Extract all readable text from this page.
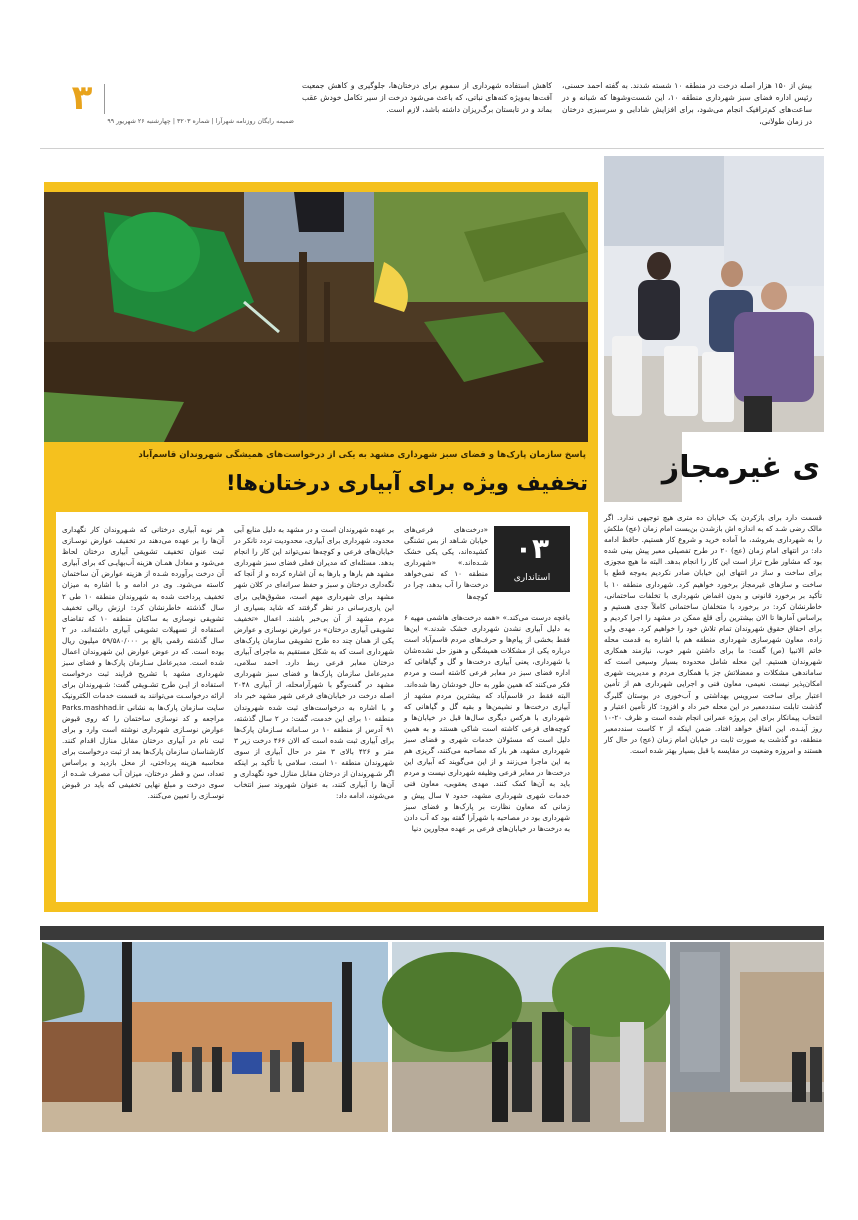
۳
ضمیمه رایگان روزنامه شهرآرا | شماره ۳۲۰۳ | چهارشنبه ۲۶ شهریور ۹۹
کاهش استفاده شهرداری از سموم برای درختان‌ها، جلوگیری و کاهش جمعیت آفت‌ها به‌ویژه کنه‌های نباتی، که باعث می‌شود درخت از سیر تکامل خودش عقب بماند و در تابستان برگ‌ریزان داشته باشد، لازم است.
بیش از ۱۵۰ هزار اصله درخت در منطقه ۱۰ شسته شدند. به گفته احمد حسنی، رئیس اداره فضای سبز شهرداری منطقه ۱۰، این شست‌وشوها که شبانه و در ساعت‌های کم‌ترافیک انجام می‌شود، برای افزایش شادابی و سرسبزی درختان در زمان طولانی،
ی غیرمجاز
پاسخ سازمان پارک‌ها و فضای سبز شهرداری مشهد به یکی از درخواست‌های همیشگی شهروندان قاسم‌آباد
تخفیف ویژه برای آبیاری درختان‌ها!
۰۳
استانداری
«درخت‌های فرعی‌های خیابان شـاهد از بس تشنگی کشیده‌اند، یکی یکی خشک شـده‌اند.» «شهرداری منطقه ۱۰ که نمی‌خواهد درخت‌ها را آب بدهد، چرا در کوچه‌ها
باغچه درست می‌کند.» «همه درخت‌های هاشمی مهیه ۶ به دلیل آبیاری نشدن شهرداری خشک شدند.» این‌ها فقط بخشی از پیام‌ها و حرف‌های مردم قاسم‌آباد است درباره یکی از مشکلات همیشگی و هنوز حل نشده‌شان با شهرداری، یعنی آبیاری درخت‌ها و گل و گیاهانی که اداره فضای سبز در معابر فرعی کاشته است و مردم فکر می‌کنند که همین طور به حال خودشان رها شده‌اند. البته فقط در قاسم‌آباد که بیشترین مردم مشهد از آبیاری درخت‌ها و نشیمن‌ها و بقیه گل و گیاهانی که شهرداری با هرکس دیگری سال‌ها قبل در خیابان‌ها و کوچه‌های فرعی کاشته است شاکی هستند و به همین دلیل است که مسئولان خدمات شهری و فضای سبز شهرداری مشهد، هر بار که مصاحبه می‌کنند، گریزی هم به این ماجرا می‌زنند و از این می‌گویند که آبیاری این درخت‌ها در معابر فرعی وظیفه شهرداری نیست و مردم باید به آن‌ها کمک کنند. مهدی یعقوبی، معاون فنی خدمات شهری شهرداری مشهد، حدود ۷ سال پیش و زمانی که معاون نظارت بر پارک‌ها و فضای سبز شهرداری بود در مصاحبه با شهرآرا گفته بود که آب دادن به درخت‌ها در خیابان‌های فرعی بر عهده مجاورین دنیا
بر عهده شهروندان است و در مشهد به دلیل منابع آبی محدود، شهرداری برای آبیاری، محدودیت تردد تانکر در خیابان‌های فرعی و کوچه‌ها نمی‌تواند این کار را انجام بدهد. مسئله‌ای که مدیران فعلی فضای سبز شهرداری مشهد هم بارها و بارها به آن اشاره کرده و از آنجا که نگه‌داری درختان و سبز و حفظ سرانه‌ای در کلان شهر مشهد برای شهرداری مهم است، مشوق‌هایی برای این یاری‌رسانی در نظر گرفتند که شاید بسیاری از مردم مشهد از آن بی‌خبر باشند. اعمال «تخفیف تشویقی آبیاری درختان» در عوارض نوسازی و عوارض یکی از همان چند ده طرح تشویقی سازمان پارک‌های شهرداری است که به شکل مستقیم به ماجرای آبیاری درختان معابر فرعی ربط دارد. احمد سلامی، مدیرعامل سازمان پارک‌ها و فضای سبز شهرداری مشهد در گفت‌وگو با شهرآرامحله، از آبیاری ۲۰۴۸ اصله درخت در خیابان‌های فرعی شهر مشهد خبر داد و با اشاره به درخواست‌های ثبت شده شهروندان منطقه ۱۰ برای این خدمت، گفت: در ۲ سال گذشته، ۹۱ آدرس از منطقه ۱۰ در سـامانه سـازمان پارک‌ها برای آبیاری ثبت شده است که الان ۴۶۶ درخت زیر ۳ متر و ۴۲۶ بالای ۳ متر در حال آبیاری از سوی شهروندان منطقه ۱۰ است. سلامی با تأکید بر اینکه اگر شـهروندان از درختان مقابل منازل خود نگهداری و آن‌ها را آبیاری کنند، به عنوان شهروند سبز انتخاب می‌شوند، ادامه داد:
هر نوبه آبیاری درختانی که شـهروندان کار نگهداری آن‌ها را بر عهده می‌دهند در تخفیف عوارض نوسـازی ثبت عنوان تخفیف تشویقی آبیاری درختان لحاظ می‌شود و معادل همـان هزینه آب‌بهایـی که برای آبیاری آن درخت برآورده شـده از هزینه عوارض آن ساختمان کاسته می‌شود. وی در ادامه و با اشاره به میزان تخفیف پرداخت شده به شهروندان منطقه ۱۰ طی ۲ سال گذشته خاطرنشان کرد: ارزش ریالی تخفیف تشویقی نوسازی به ساکنان منطقه ۱۰ که تقاضای استفاده از تسهیلات تشویقی آبیاری داشته‌اند، در ۲ سال گذشته رقمی بالغ بر ۵۹/۵۸۰/۰۰۰ میلیون ریال بوده است. که در عوض عوارض این شهروندان اعمال شده است. مدیرعامل سـازمان پارک‌ها و فضای سبز شهرداری مشهد با تشریح فرایند ثبت درخواست استفاده از ایـن طرح تشـویقی گفت: شـهروندان برای ارائه درخواسـت می‌توانند به قسمت خدمات الکترونیک سایت سازمان پارک‌ها به نشانی Parks.mashhad.ir مراجعه و کد نوسازی ساختمان را که روی قبوض عوارض نوسـازی شهرداری نوشته است وارد و برای ثبت نام در آبیاری درختان مقابل منازل اقدام کنند. کارشناسان سازمان پارک‌ها بعد از ثبت درخواست برای محاسبه هزینه پرداختی، از محل بازدید و براساس تعداد، سن و قطر درختان، میزان آب مصرف شـده از سوی درخت و مبلغ نهایی تخفیفی که باید در قبوض نوسـازی را تعیین می‌کنند.
قسمت دارد برای بازکردن یک خیابان ده متری هیچ توجیهی ندارد. اگر مالک رضی شـد که به اندازه اش بازشدن بن‌بست امام زمان (عج) ملکش را به شهرداری بفروشد، ما آماده خرید و شروع کار هستیم. حافظ ادامه داد: در انتهای امام زمان (عج) ۲۰ در طرح تفصیلی معبر پیش بینی شده بود که مشاور طرح تراز است این کار را انجام بدهد. البته ما هیچ مجوزی برای ساخت و ساز در انتهای این خیابان صادر نکردیم به‌وجه قطع با ساخت و سازهای غیرمجاز برخورد خواهیم کرد. شهرداری منطقه ۱۰ با تأکید بر برخورد قانونی و بدون اغماض شهرداری با تخلفات ساختمانی، خاطرنشان کرد: در برخورد با متخلفان ساختمانی کاملاً جدی هستیم و براساس آمارها تا الان بیشترین رأی قلع ممکن در مشهد را اجرا کردیم و برای احقاق حقوق شهروندان تمام تلاش خود را خواهیم کرد. مهدی ولی زاده، معاون شهرسازی شهرداری منطقه هم با اشاره به قدمت محله خاتم الانبیا (ص) گفت: ما برای داشتن شهر خوب، نیازمند همکاری شهروندان هستیم. این محله شامل محدوده بسیار وسیعی است که ساماندهی مشکلات و معضلاتش جز با همکاری مردم و مدیریت شهری امکان‌پذیر نیست. نعیمی، معاون فنی و اجرایی شهرداری هم از تأمین اعتبار برای ساخت سرویس بهداشتی و آب‌خوری در بوستان گلبرگ گذشت تابلت سنددمعبر در این محله خبر داد و افزود: کار تأمین اعتبار و انتخاب پیمانکار برای این پروژه عمرانی انجام شده است و ظرف ۲۰-۱۰ روز آینـده، این اتفاق خواهد افتاد. ضمن اینکه از ۲ کاست سنددمعبر منطقه، دو گذشت به صورت ثابت در خیابان امام زمان (عج) در حال کار هستند و امروزه وضعیت در مقایسه با قبل بسیار بهتر شده است.
